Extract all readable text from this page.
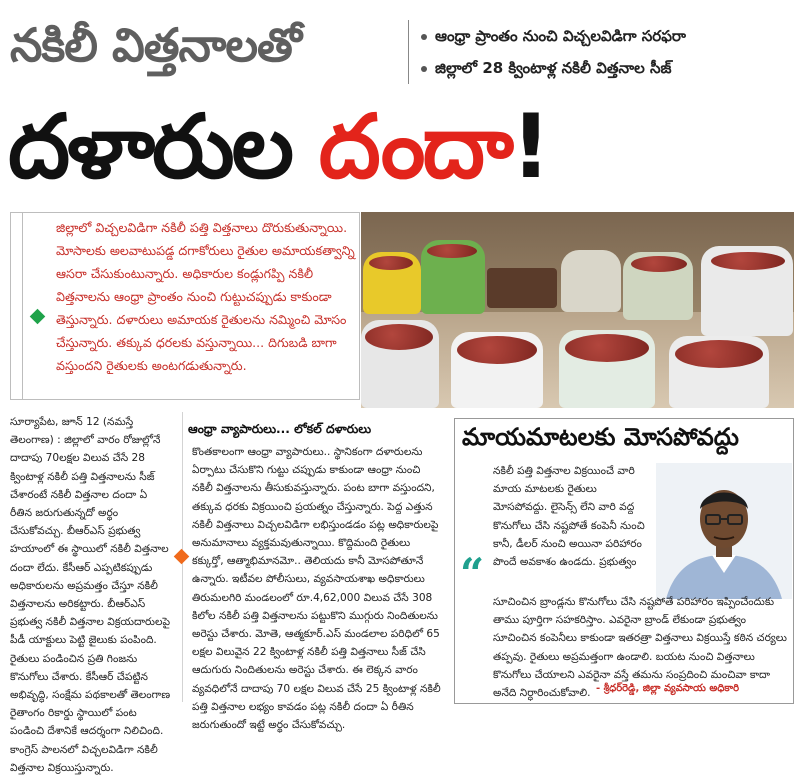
నకిలీ విత్తనాలతో	ఆంధ్రా ప్రాంతం నుంచి విచ్చలవిడిగా సరఫరా
జిల్లాలో 28 క్వింటాళ్ల నకిలీ విత్తనాల సీజ్
దళారుల దందా!
జిల్లాలో విచ్చలవిడిగా నకిలీ పత్తి విత్తనాలు దొరుకుతున్నాయి. మోసాలకు అలవాటుపడ్డ దగాకోరులు రైతుల అమాయకత్వాన్ని ఆసరా చేసుకుంటున్నారు. అధికారుల కండ్లుగప్పి నకిలీ విత్తనాలను ఆంధ్రా ప్రాంతం నుంచి గుట్టుచప్పుడు కాకుండా తెస్తున్నారు. దళారులు అమాయక రైతులను నమ్మించి మోసం చేస్తున్నారు. తక్కువ ధరలకు వస్తున్నాయి... దిగుబడి బాగా వస్తుందని రైతులకు అంటగడుతున్నారు.

సూర్యాపేట, జూన్ 12 (నమస్తే తెలంగాణ) : జిల్లాలో వారం రోజుల్లోనే దాదాపు 70లక్షల విలువ చేసే 28 క్వింటాళ్ల నకిలీ పత్తి విత్తనాలను సీజ్ చేశారంటే నకిలీ విత్తనాల దందా ఏ రీతిన జరుగుతున్నదో అర్థం చేసుకోవచ్చు. బీఆర్ఎస్ ప్రభుత్వ హయాంలో ఈ స్థాయిలో నకిలీ విత్తనాల దందా లేదు. కేసీఆర్ ఎప్పటికప్పుడు అధికారులను అప్రమత్తం చేస్తూ నకిలీ విత్తనాలను అరికట్టారు. బీఆర్ఎస్ ప్రభుత్వ నకిలీ విత్తనాల విక్రయదారులపై పీడీ యాక్టులు పెట్టి జైలుకు పంపింది. రైతులు పండించిన ప్రతి గింజను కొనుగోలు చేశారు. కేసీఆర్ చేపట్టిన అభివృద్ధి, సంక్షేమ పథకాలతో తెలంగాణ రైతాంగం రికార్డు స్థాయిలో పంట పండించి దేశానికే ఆదర్శంగా నిలిచింది. కాంగ్రెస్ పాలనలో విచ్చలవిడిగా నకిలీ విత్తనాల విక్రయిస్తున్నారు.

ఆంధ్రా వ్యాపారులు... లోకల్ దళారులు

కొంతకాలంగా ఆంధ్రా వ్యాపారులు.. స్థానికంగా దళారులను ఏర్పాటు చేసుకొని గుట్టు చప్పుడు కాకుండా ఆంధ్రా నుంచి నకిలీ విత్తనాలను తీసుకువస్తున్నారు. పంట బాగా వస్తుందని, తక్కువ ధరకు విక్రయించి ప్రయత్నం చేస్తున్నారు. పెద్ద ఎత్తున నకిలీ విత్తనాలు విచ్చలవిడిగా లభిస్తుండడం పట్ల అధికారులపై అనుమానాలు వ్యక్తమవుతున్నాయి. కొద్దిమంది రైతులు కక్కుర్తో, ఆత్మాభిమానమో.. తెలియదు కానీ మోసపోతూనే ఉన్నారు. ఇటీవల పోలీసులు, వ్యవసాయశాఖ అధికారులు తిరుమలగిరి మండలంలో రూ.4,62,000 విలువ చేసే 308 కిలోల నకిలీ పత్తి విత్తనాలను పట్టుకొని ముగ్గురు నిందితులను అరెస్టు చేశారు. మోతె, ఆత్మకూర్.ఎస్ మండలాల పరిధిలో 65 లక్షల విలువైన 22 క్వింటాళ్ల నకిలీ పత్తి విత్తనాలు సీజ్ చేసి ఆదుగురు నిందితులను అరెస్టు చేశారు. ఈ లెక్కన వారం వ్యవధిలోనే దాదాపు 70 లక్షల విలువ చేసే 25 క్వింటాళ్ల నకిలీ పత్తి విత్తనాల లభ్యం కావడం పట్ల నకిలీ దందా ఏ రీతిన జరుగుతుందో ఇట్టే అర్థం చేసుకోవచ్చు.

మాయమాటలకు మోసపోవద్దు
“
నకిలీ పత్తి విత్తనాల విక్రయించే వారి మాయ మాటలకు రైతులు మోసపోవద్దు. లైసెన్స్ లేని వారి వద్ద కొనుగోలు చేసి నష్టపోతే కంపెనీ నుంచి కానీ, డీలర్ నుంచి అయినా పరిహారం పొందే అవకాశం ఉండదు. ప్రభుత్వం
సూచించిన బ్రాండ్లను కొనుగోలు చేసి నష్టపోతే పరిహారం ఇప్పించేందుకు తాము పూర్తిగా సహకరిస్తాం. ఎవరైనా బ్రాండ్ లేకుండా ప్రభుత్వం సూచించిన కంపెనీలు కాకుండా ఇతరత్రా విత్తనాలు విక్రయిస్తే కఠిన చర్యలు తప్పవు. రైతులు అప్రమత్తంగా ఉండాలి. బయట నుంచి విత్తనాలు కొనుగోలు చేయాలని ఎవరైనా వస్తే తమను సంప్రదించి మంచివా కాదా అనేది నిర్ధారించుకోవాలి. - శ్రీధర్‌రెడ్డి, జిల్లా వ్యవసాయ అధికారి
